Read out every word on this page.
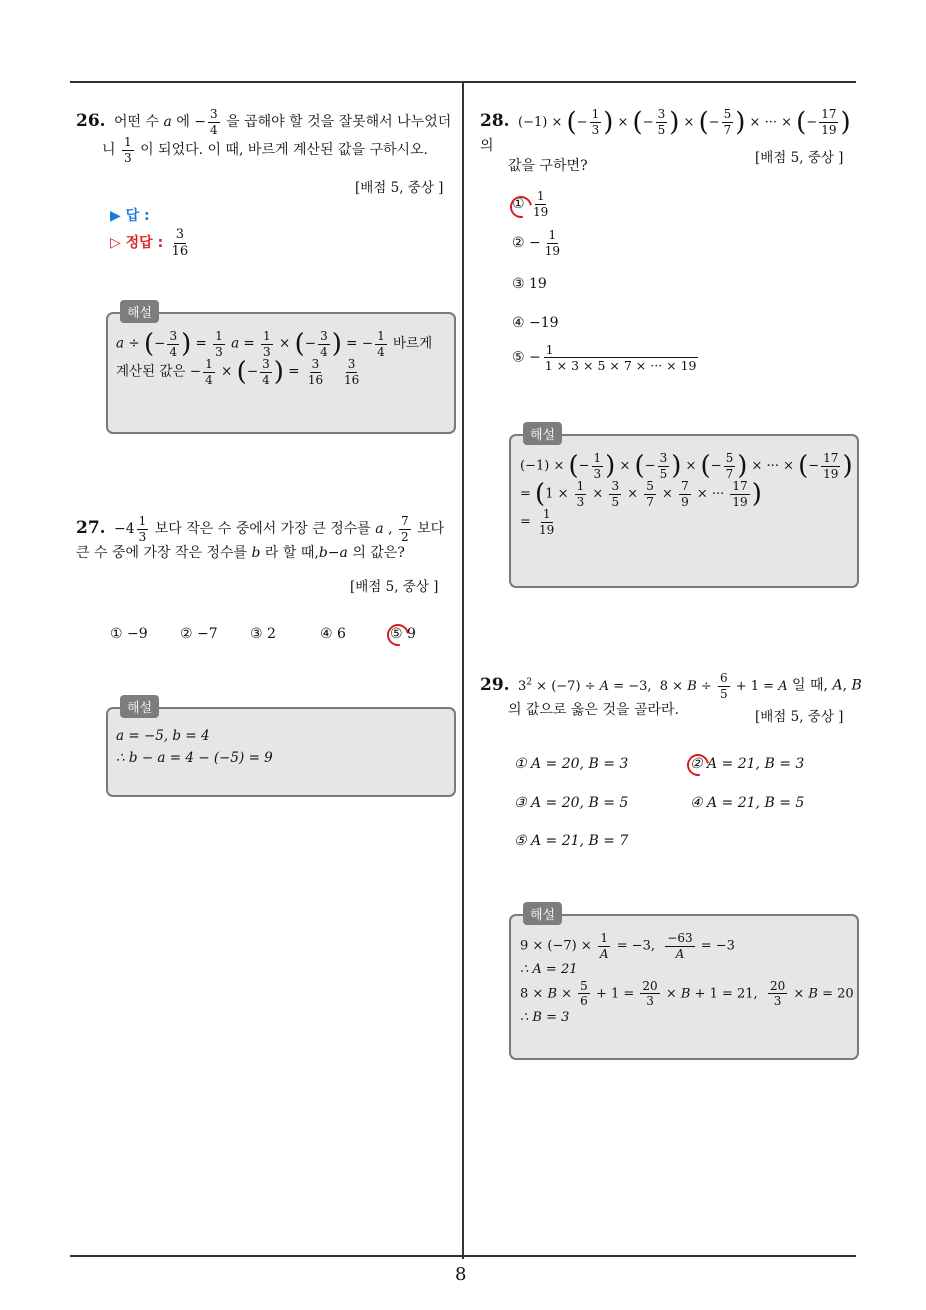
8
26. 어떤 수 a 에 − $\frac{3}{4}$ 을 곱해야 할 것을 잘못해서 나누었더
니 $\frac{1}{3}$ 이 되었다. 이 때, 바르게 계산된 값을 구하시오.
[배점 5, 중상 ]
▶ 답 :
▷ 정답 : $\frac{3}{16}$
해설
a ÷ (− $\frac{3}{4}$ ) = $\frac{1}{3}$ $a = \frac{1}{3}$ × (− $\frac{3}{4}$ ) = − $\frac{1}{4}$ 바르게
계산된 값은 − $\frac{1}{4}$ × (− $\frac{3}{4}$ ) = $\frac{3}{16}$
$\frac{3}{16}$
27. $-4 \frac{1}{3}$ 보다 작은 수 중에서 가장 큰 정수를 a , $\frac{7}{2}$ 보다
큰 수 중에 가장 작은 정수를 b 라 할 때,b−a 의 값은?
[배점 5, 중상 ]
① −9 ② −7 ③ 2	④ 6	⑤ 9
해설
a = −5, b = 4
∴ b − a = 4 − (−5) = 9
28. (−1) × (− $\frac{1}{3}$ ) × (− $\frac{3}{5}$ ) × (− $\frac{5}{7}$ ) × ··· × (− $\frac{17}{19}$ ) 의
값을 구하면?
[배점 5, 중상 ]
① $\frac{1}{19}$
② − $\frac{1}{19}$
③ 19
④ −19
⑤ − $\frac{1}{1 \times 3 \times 5 \times 7 \times \cdot\cdot\cdot \times 19}$
해설
(−1) × (− $\frac{1}{3}$ ) × (− $\frac{3}{5}$ ) × (− $\frac{5}{7}$ ) × ··· × (− $\frac{17}{19}$ )
= ($1 \times \frac{1}{3} \times \frac{3}{5} \times \frac{5}{7} \times \frac{7}{9}$ × ··· $\frac{17}{19}$ )
= $\frac{1}{19}$
29. $3^2 \times (-7) \div A = -3$,  $8 \times B \div \frac{6}{5} + 1 = A$ 일 때, A, B
의 값으로 옳은 것을 골라라.	[배점 5, 중상 ]
① A = 20, B = 3	② A = 21, B = 3
③ A = 20, B = 5	④ A = 21, B = 5
⑤ A = 21, B = 7
해설
$9 \times (-7) \times \frac{1}{A} = -3$, $\frac{-63}{A} = -3$
∴ A = 21
$8 \times B \times \frac{5}{6} + 1 = \frac{20}{3} \times B + 1 = 21$, $\frac{20}{3} \times B = 20$
∴ B = 3
